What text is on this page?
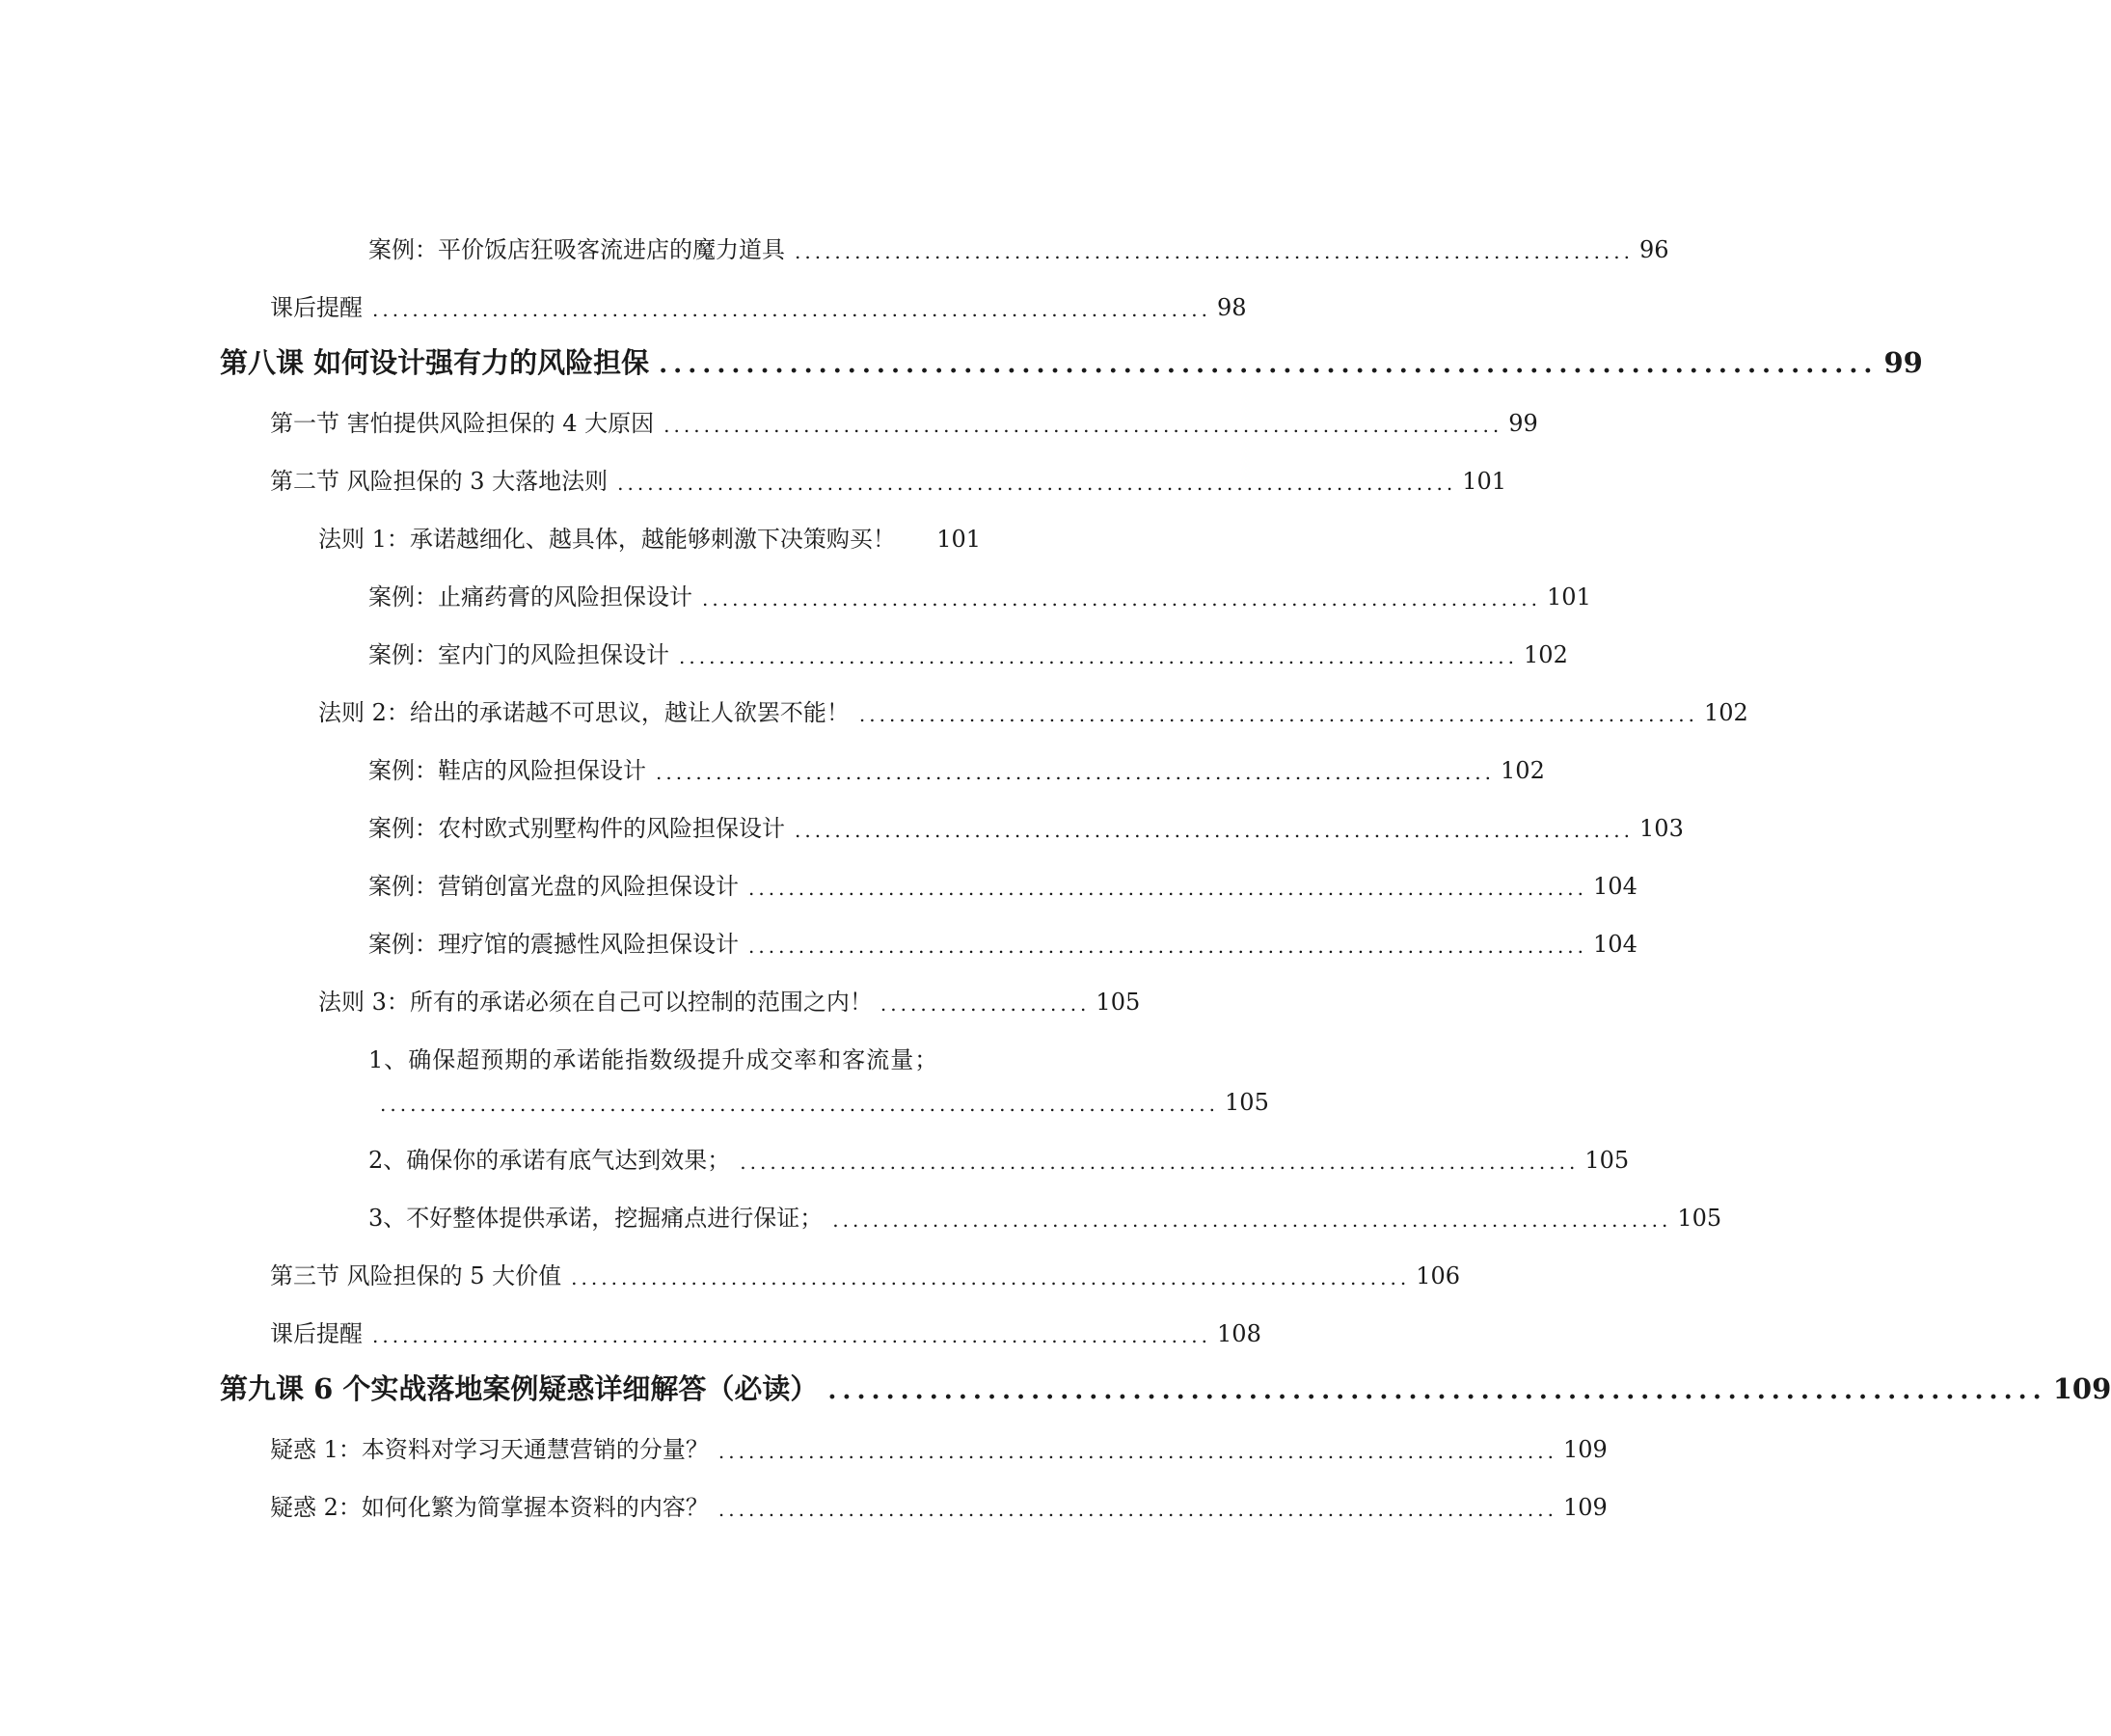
案例：平价饭店狂吸客流进店的魔力道具 .................................................................................... 96
课后提醒 .................................................................................... 98
第八课 如何设计强有力的风险担保 .................................................................................... 99
第一节 害怕提供风险担保的 4 大原因 .................................................................................... 99
第二节 风险担保的 3 大落地法则 .................................................................................... 101
法则 1：承诺越细化、越具体，越能够刺激下决策购买！ 101
案例：止痛药膏的风险担保设计 .................................................................................... 101
案例：室内门的风险担保设计 .................................................................................... 102
法则 2：给出的承诺越不可思议，越让人欲罢不能！ .................................................................................... 102
案例：鞋店的风险担保设计 .................................................................................... 102
案例：农村欧式别墅构件的风险担保设计 .................................................................................... 103
案例：营销创富光盘的风险担保设计 .................................................................................... 104
案例：理疗馆的震撼性风险担保设计 .................................................................................... 104
法则 3：所有的承诺必须在自己可以控制的范围之内！ ..................... 105
1、确保超预期的承诺能指数级提升成交率和客流量；
.................................................................................... 105
2、确保你的承诺有底气达到效果； .................................................................................... 105
3、不好整体提供承诺，挖掘痛点进行保证； .................................................................................... 105
第三节 风险担保的 5 大价值 .................................................................................... 106
课后提醒 .................................................................................... 108
第九课 6 个实战落地案例疑惑详细解答（必读） .................................................................................... 109
疑惑 1：本资料对学习天通慧营销的分量？ .................................................................................... 109
疑惑 2：如何化繁为简掌握本资料的内容？ .................................................................................... 109
